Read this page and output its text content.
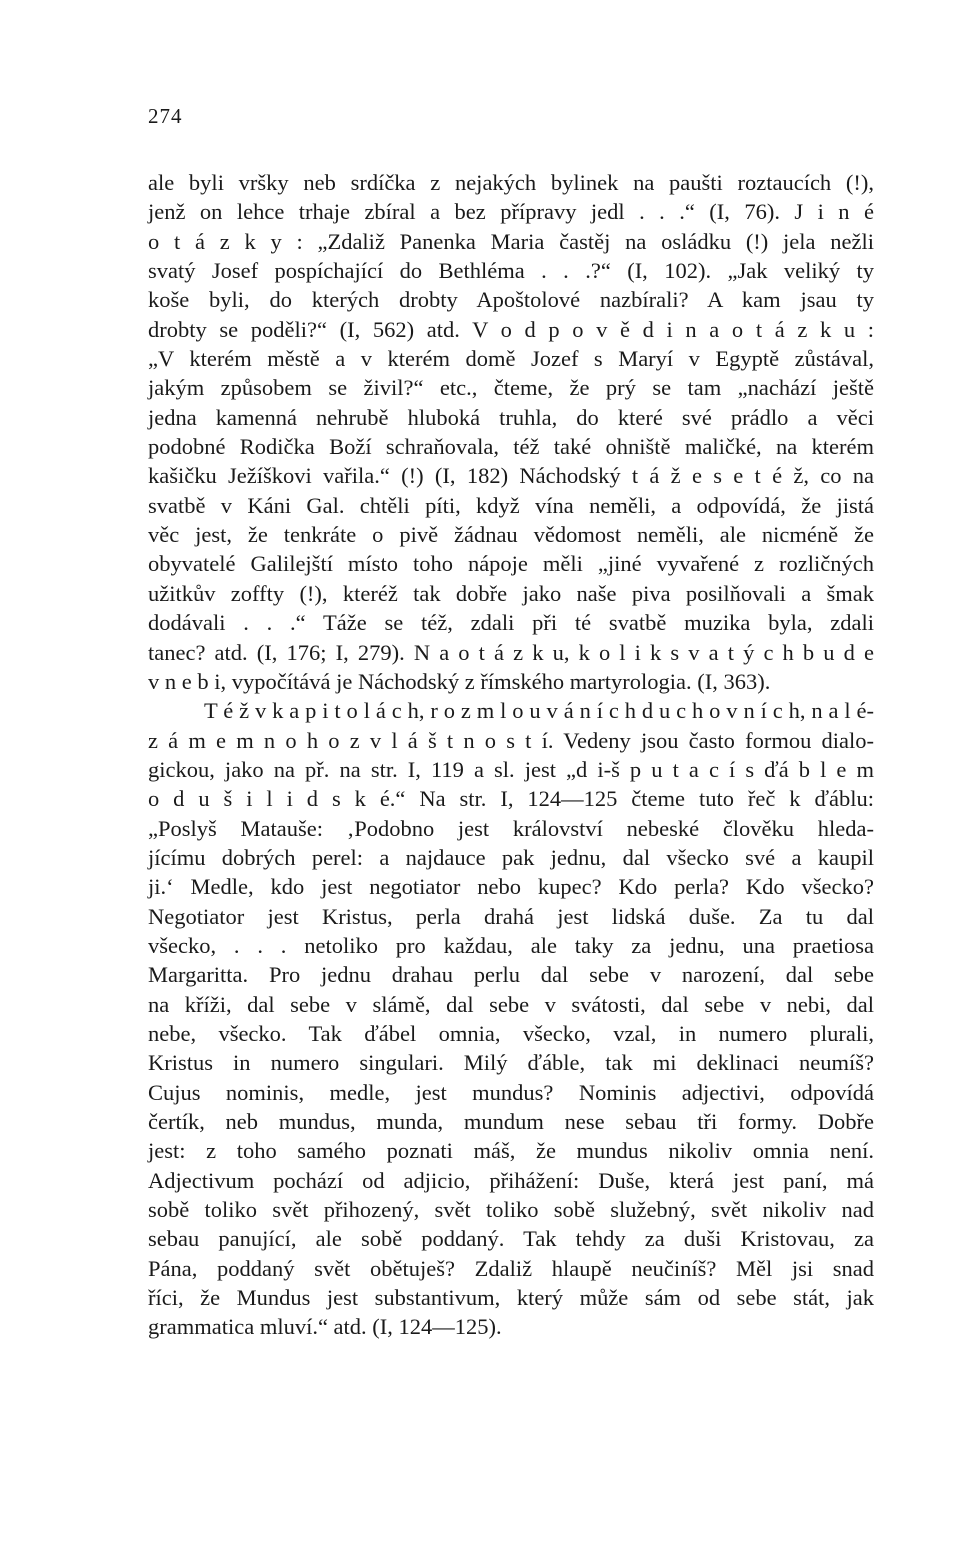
274
ale byli vršky neb srdíčka z nejakých bylinek na paušti roztaucích (!),
jenž on lehce trhaje zbíral a bez přípravy jedl . . .“ (I, 76). J i n é
o t á z k y : „Zdaliž Panenka Maria častěj na osládku (!) jela nežli
svatý Josef pospíchající do Bethléma . . .?“ (I, 102). „Jak veliký ty
koše byli, do kterých drobty Apoštolové nazbírali? A kam jsau ty
drobty se poděli?“ (I, 562) atd. V o d p o v ě d i n a o t á z k u :
„V kterém městě a v kterém domě Jozef s Maryí v Egyptě zůstával,
jakým způsobem se živil?“ etc., čteme, že prý se tam „nachází ještě
jedna kamenná nehrubě hluboká truhla, do které své prádlo a věci
podobné Rodička Boží schraňovala, též také ohniště maličké, na kterém
kašičku Ježíškovi vařila.“ (!) (I, 182) Náchodský t á ž e s e t é ž, co na
svatbě v Káni Gal. chtěli píti, když vína neměli, a odpovídá, že jistá
věc jest, že tenkráte o pivě žádnau vědomost neměli, ale nicméně že
obyvatelé Galilejští místo toho nápoje měli „jiné vyvařené z rozličných
užitkův zoffty (!), kteréž tak dobře jako naše piva posilňovali a šmak
dodávali . . .“ Táže se též, zdali při té svatbě muzika byla, zdali
tanec? atd. (I, 176; I, 279). N a o t á z k u, k o l i k s v a t ý c h b u d e
v n e b i, vypočítává je Náchodský z římského martyrologia. (I, 363).
T é ž v k a p i t o l á c h, r o z m l o u v á n í c h d u c h o v n í c h, n a l é-
z á m e m n o h o z v l á š t n o s t í. Vedeny jsou často formou dialo-
gickou, jako na př. na str. I, 119 a sl. jest „d i-š p u t a c í s ďá b l e m
o d u š i l i d s k é.“ Na str. I, 124—125 čteme tuto řeč k ďáblu:
„Poslyš Mataušе: ‚Podobno jest království nebeské člověku hleda-
jícímu dobrých perel: a najdauce pak jednu, dal všecko své a kaupil
ji.‘ Medle, kdo jest negotiator nebo kupec? Kdo perla? Kdo všecko?
Negotiator jest Kristus, perla drahá jest lidská duše. Za tu dal
všecko, . . . netoliko pro každau, ale taky za jednu, una praetiosa
Margaritta. Pro jednu drahau perlu dal sebe v narození, dal sebe
na kříži, dal sebe v slámě, dal sebe v svátosti, dal sebe v nebi, dal
nebe, všecko. Tak ďábel omnia, všecko, vzal, in numero plurali,
Kristus in numero singulari. Milý ďáble, tak mi deklinaci neumíš?
Cujus nominis, medle, jest mundus? Nominis adjectivi, odpovídá
čertík, neb mundus, munda, mundum nese sebau tři formy. Dobře
jest: z toho samého poznati máš, že mundus nikoliv omnia není.
Adjectivum pochází od adjicio, přihážení: Duše, která jest paní, má
sobě toliko svět přihozený, svět toliko sobě služebný, svět nikoliv nad
sebau panující, ale sobě poddaný. Tak tehdy za duši Kristovau, za
Pána, poddaný svět obětuješ? Zdaliž hlaupě neučiníš? Měl jsi snad
říci, že Mundus jest substantivum, který může sám od sebe stát, jak
grammatica mluví.“ atd. (I, 124—125).
